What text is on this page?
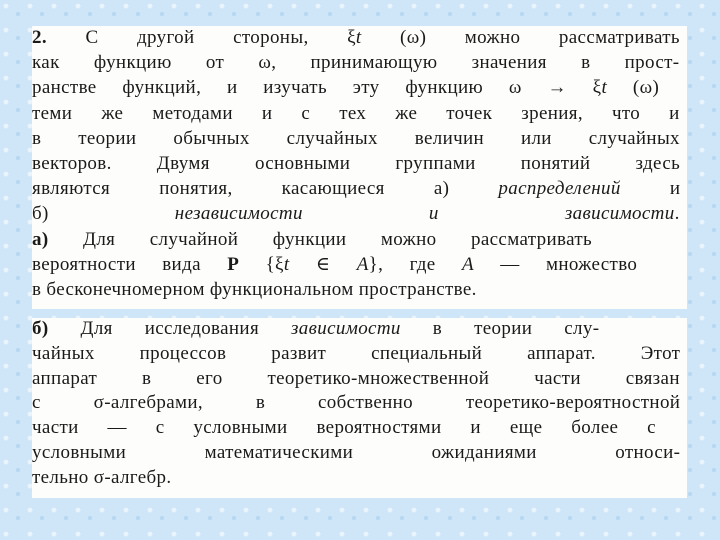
2. С другой стороны, ξt (ω) можно рассматривать
как функцию от ω, принимающую значения в прост-
ранстве функций, и изучать эту функцию ω → ξt (ω)
теми же методами и с тех же точек зрения, что и
в теории обычных случайных величин или случайных
векторов. Двумя основными группами понятий здесь
являются понятия, касающиеся а) распределений и
б) независимости и зависимости.
а) Для случайной функции можно рассматривать
вероятности вида P {ξt ∈ A}, где A — множество
в бесконечномерном функциональном пространстве.
б) Для исследования зависимости в теории слу-
чайных процессов развит специальный аппарат. Этот
аппарат в его теоретико-множественной части связан
с σ-алгебрами, в собственно теоретико-вероятностной
части — с условными вероятностями и еще более с
условными математическими ожиданиями относи-
тельно σ-алгебр.
